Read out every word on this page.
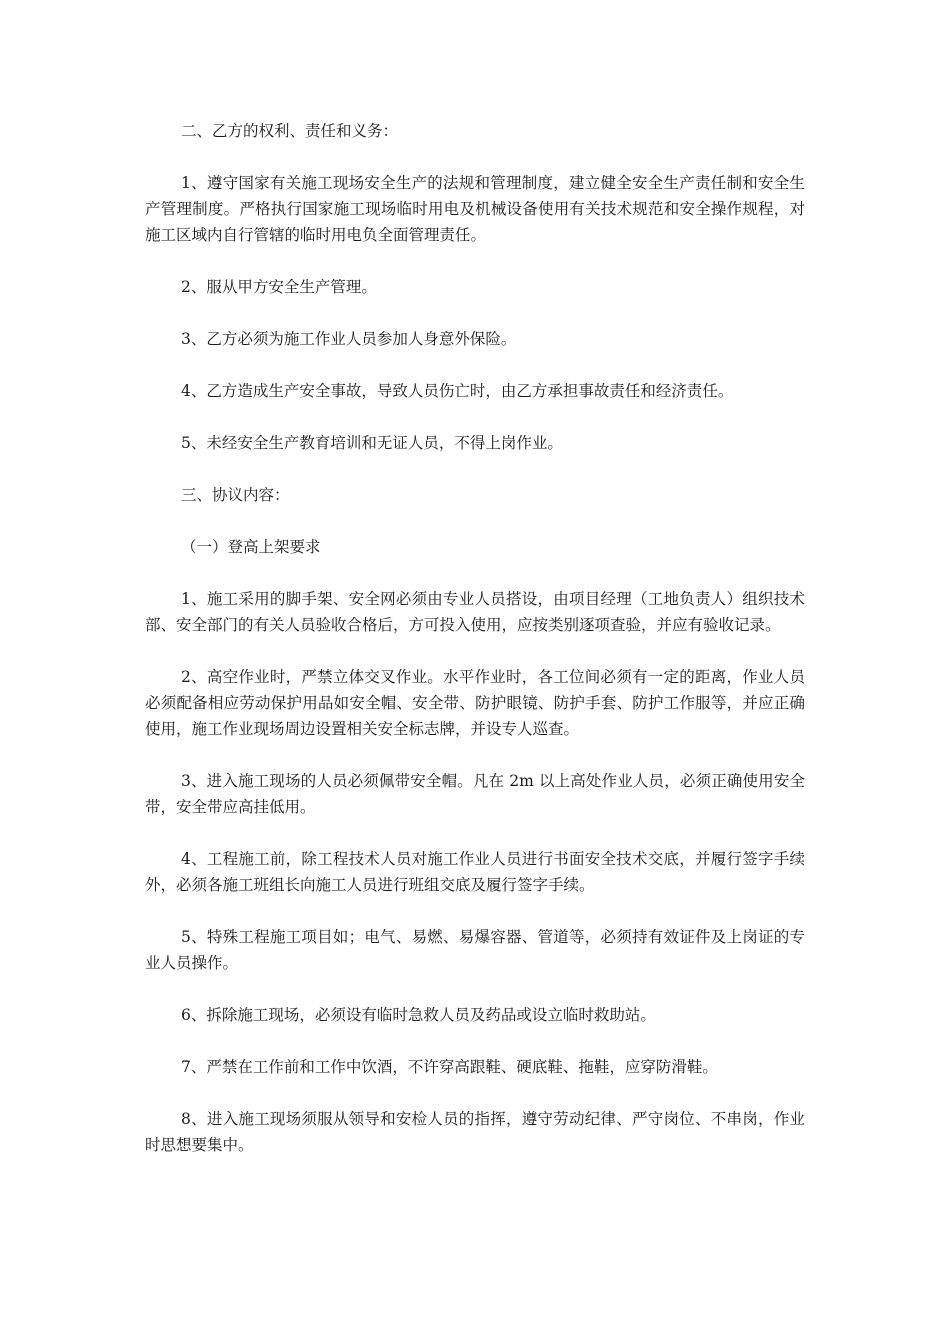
二、乙方的权利、责任和义务：

1、遵守国家有关施工现场安全生产的法规和管理制度，建立健全安全生产责任制和安全生产管理制度。严格执行国家施工现场临时用电及机械设备使用有关技术规范和安全操作规程，对施工区域内自行管辖的临时用电负全面管理责任。

2、服从甲方安全生产管理。

3、乙方必须为施工作业人员参加人身意外保险。

4、乙方造成生产安全事故，导致人员伤亡时，由乙方承担事故责任和经济责任。

5、未经安全生产教育培训和无证人员，不得上岗作业。

三、协议内容：

（一）登高上架要求

1、施工采用的脚手架、安全网必须由专业人员搭设，由项目经理（工地负责人）组织技术部、安全部门的有关人员验收合格后，方可投入使用，应按类别逐项查验，并应有验收记录。

2、高空作业时，严禁立体交叉作业。水平作业时，各工位间必须有一定的距离，作业人员必须配备相应劳动保护用品如安全帽、安全带、防护眼镜、防护手套、防护工作服等，并应正确使用，施工作业现场周边设置相关安全标志牌，并设专人巡查。

3、进入施工现场的人员必须佩带安全帽。凡在 2m 以上高处作业人员，必须正确使用安全带，安全带应高挂低用。

4、工程施工前，除工程技术人员对施工作业人员进行书面安全技术交底，并履行签字手续外，必须各施工班组长向施工人员进行班组交底及履行签字手续。

5、特殊工程施工项目如；电气、易燃、易爆容器、管道等，必须持有效证件及上岗证的专业人员操作。

6、拆除施工现场，必须设有临时急救人员及药品或设立临时救助站。

7、严禁在工作前和工作中饮酒，不许穿高跟鞋、硬底鞋、拖鞋，应穿防滑鞋。

8、进入施工现场须服从领导和安检人员的指挥，遵守劳动纪律、严守岗位、不串岗，作业时思想要集中。
